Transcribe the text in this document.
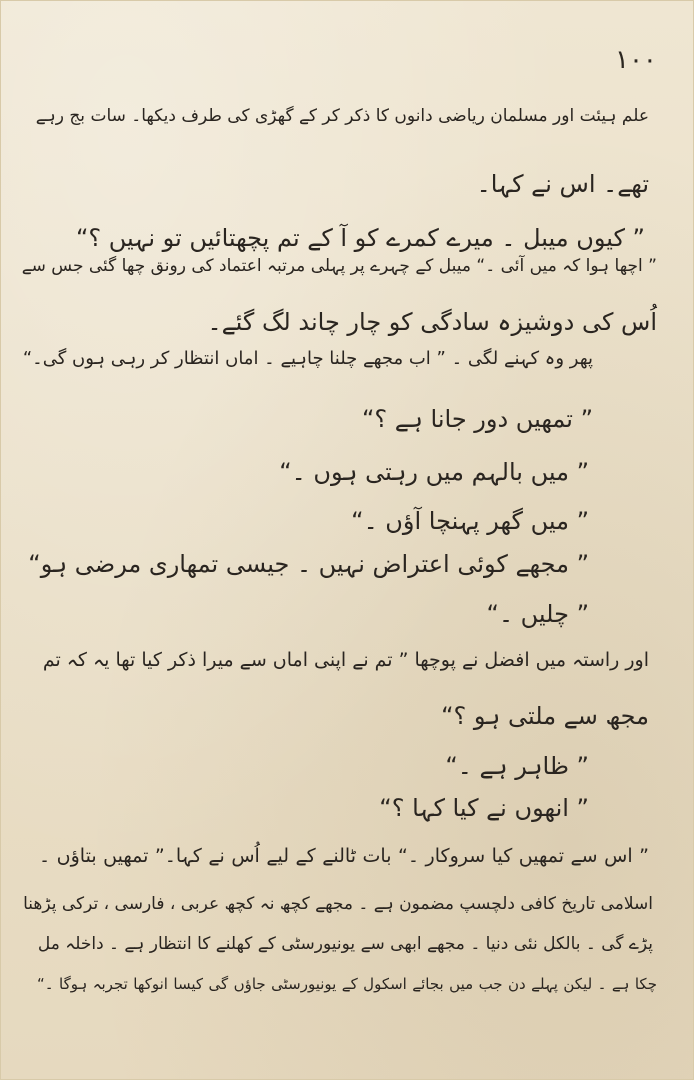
١٠٠
علم ہیئت اور مسلمان ریاضی دانوں کا ذکر کر کے گھڑی کی طرف دیکھا۔ سات بج رہے
تھے۔ اس نے کہا۔
” کیوں میبل ۔ میرے کمرے کو آ کے تم پچھتائیں تو نہیں ؟“
” اچھا ہوا کہ میں آئی ۔“ میبل کے چہرے پر پہلی مرتبہ اعتماد کی رونق چھا گئی جس سے
اُس کی دوشیزہ سادگی کو چار چاند لگ گئے۔
پھر وہ کہنے لگی ۔ ” اب مجھے چلنا چاہیے ۔ اماں انتظار کر رہی ہوں گی۔“
” تمھیں دور جانا ہے ؟“
” میں بالہم میں رہتی ہوں ۔“
” میں گھر پہنچا آؤں ۔“
” مجھے کوئی اعتراض نہیں ۔ جیسی تمھاری مرضی ہو“
” چلیں ۔“
اور راستہ میں افضل نے پوچھا ” تم نے اپنی اماں سے میرا ذکر کیا تھا یہ کہ تم
مجھ سے ملتی ہو ؟“
” ظاہر ہے ۔“
” انھوں نے کیا کہا ؟“
” اس سے تمھیں کیا سروکار ۔“ بات ٹالنے کے لیے اُس نے کہا۔” تمھیں بتاؤں ۔
اسلامی تاریخ کافی دلچسپ مضمون ہے ۔ مجھے کچھ نہ کچھ عربی ، فارسی ، ترکی پڑھنا
پڑے گی ۔ بالکل نئی دنیا ۔ مجھے ابھی سے یونیورسٹی کے کھلنے کا انتظار ہے ۔ داخلہ مل
چکا ہے ۔ لیکن پہلے دن جب میں بجائے اسکول کے یونیورسٹی جاؤں گی کیسا انوکھا تجربہ ہوگا ۔“
